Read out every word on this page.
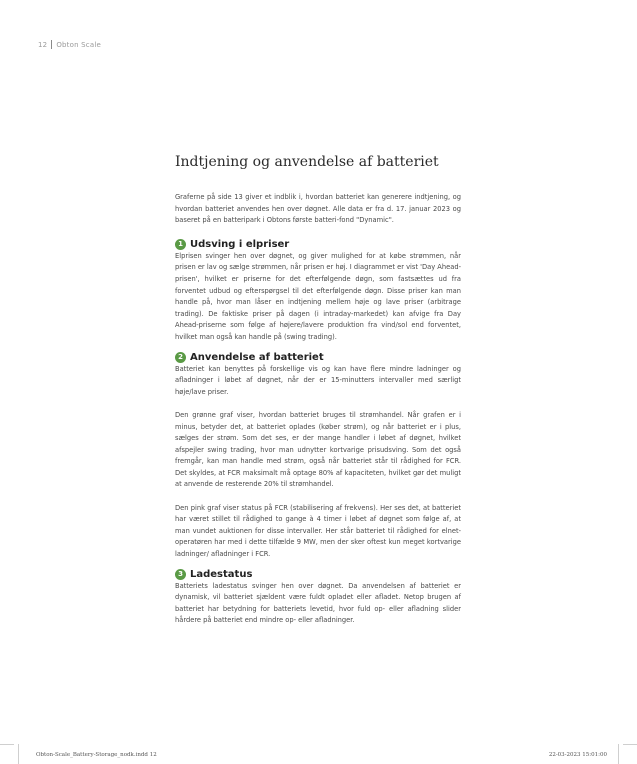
12 Obton Scale
Indtjening og anvendelse af batteriet

Graferne på side 13 giver et indblik i, hvordan batteriet kan generere indtjening, og hvordan batteriet anvendes hen over døgnet. Alle data er fra d. 17. januar 2023 og baseret på en batteripark i Obtons første batteri-fond "Dynamic".

1 Udsving i elpriser

Elprisen svinger hen over døgnet, og giver mulighed for at købe strømmen, når prisen er lav og sælge strømmen, når prisen er høj. I diagrammet er vist 'Day Ahead-prisen', hvilket er priserne for det efterfølgende døgn, som fastsættes ud fra forventet udbud og efterspørgsel til det efterfølgende døgn. Disse priser kan man handle på, hvor man låser en indtjening mellem høje og lave priser (arbitrage trading). De faktiske priser på dagen (i intraday-markedet) kan afvige fra Day Ahead-priserne som følge af højere/lavere produktion fra vind/sol end forventet, hvilket man også kan handle på (swing trading).

2 Anvendelse af batteriet

Batteriet kan benyttes på forskellige vis og kan have flere mindre ladninger og afladninger i løbet af døgnet, når der er 15-minutters intervaller med særligt høje/lave priser.

Den grønne graf viser, hvordan batteriet bruges til strømhandel. Når grafen er i minus, betyder det, at batteriet oplades (køber strøm), og når batteriet er i plus, sælges der strøm. Som det ses, er der mange handler i løbet af døgnet, hvilket afspejler swing trading, hvor man udnytter kortvarige prisudsving. Som det også fremgår, kan man handle med strøm, også når batteriet står til rådighed for FCR. Det skyldes, at FCR maksimalt må optage 80% af kapaciteten, hvilket gør det muligt at anvende de resterende 20% til strømhandel.

Den pink graf viser status på FCR (stabilisering af frekvens). Her ses det, at batteriet har været stillet til rådighed to gange à 4 timer i løbet af døgnet som følge af, at man vundet auktionen for disse intervaller. Her står batteriet til rådighed for elnet-operatøren har med i dette tilfælde 9 MW, men der sker oftest kun meget kortvarige ladninger/ afladninger i FCR.

3 Ladestatus

Batteriets ladestatus svinger hen over døgnet. Da anvendelsen af batteriet er dynamisk, vil batteriet sjældent være fuldt opladet eller afladet. Netop brugen af batteriet har betydning for batteriets levetid, hvor fuld op- eller afladning slider hårdere på batteriet end mindre op- eller afladninger.

Obton-Scale_Battery-Storage_nodk.indd 12	22-03-2023 15:01:00
